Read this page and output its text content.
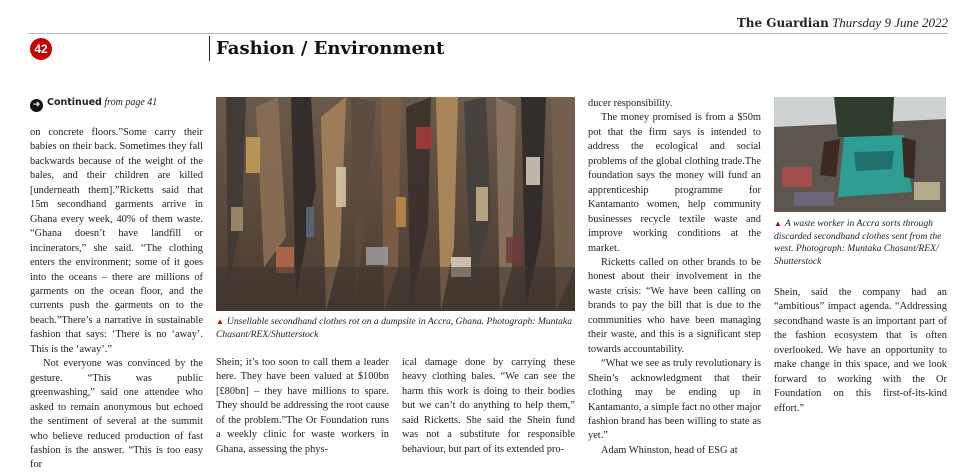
The Guardian Thursday 9 June 2022
42	Fashion / Environment
➜ Continued from page 41

on concrete floors.”Some carry their babies on their back. Sometimes they fall backwards because of the weight of the bales, and their children are killed [underneath them].”Ricketts said that 15m secondhand garments arrive in Ghana every week, 40% of them waste. “Ghana doesn’t have landfill or incinerators,” she said. “The clothing enters the environment; some of it goes into the oceans – there are millions of garments on the ocean floor, and the currents push the garments on to the beach.”There’s a narrative in sustainable fashion that says: ‘There is no ‘away’. This is the ‘away’.”

Not everyone was convinced by the gesture. “This was public greenwashing,” said one attendee who asked to remain anonymous but echoed the sentiment of several at the summit who believe reduced production of fast fashion is the answer. “This is too easy for

▲ Unsellable secondhand clothes rot on a dumpsite in Accra, Ghana. Photograph: Muntaka Chasant/REX/Shutterstock

Shein; it’s too soon to call them a leader here. They have been valued at $100bn [£80bn] – they have millions to spare. They should be addressing the root cause of the problem.”The Or Foundation runs a weekly clinic for waste workers in Ghana, assessing the phys-

ical damage done by carrying these heavy clothing bales. “We can see the harm this work is doing to their bodies but we can’t do anything to help them,” said Ricketts. She said the Shein fund was not a substitute for responsible behaviour, but part of its extended pro-

ducer responsibility.

The money promised is from a $50m pot that the firm says is intended to address the ecological and social problems of the global clothing trade.The foundation says the money will fund an apprenticeship programme for Kantamanto women, help community businesses recycle textile waste and improve working conditions at the market.

Ricketts called on other brands to be honest about their involvement in the waste crisis: “We have been calling on brands to pay the bill that is due to the communities who have been managing their waste, and this is a significant step towards accountability.

“What we see as truly revolutionary is Shein’s acknowledgment that their clothing may be ending up in Kantamanto, a simple fact no other major fashion brand has been willing to state as yet.”

Adam Whinston, head of ESG at

▲ A waste worker in Accra sorts through discarded secondhand clothes sent from the west. Photograph: Muntaka Chasant/REX/ Shutterstock

Shein, said the company had an “ambitious” impact agenda. “Addressing secondhand waste is an important part of the fashion ecosystem that is often overlooked. We have an opportunity to make change in this space, and we look forward to working with the Or Foundation on this first-of-its-kind effort.”
